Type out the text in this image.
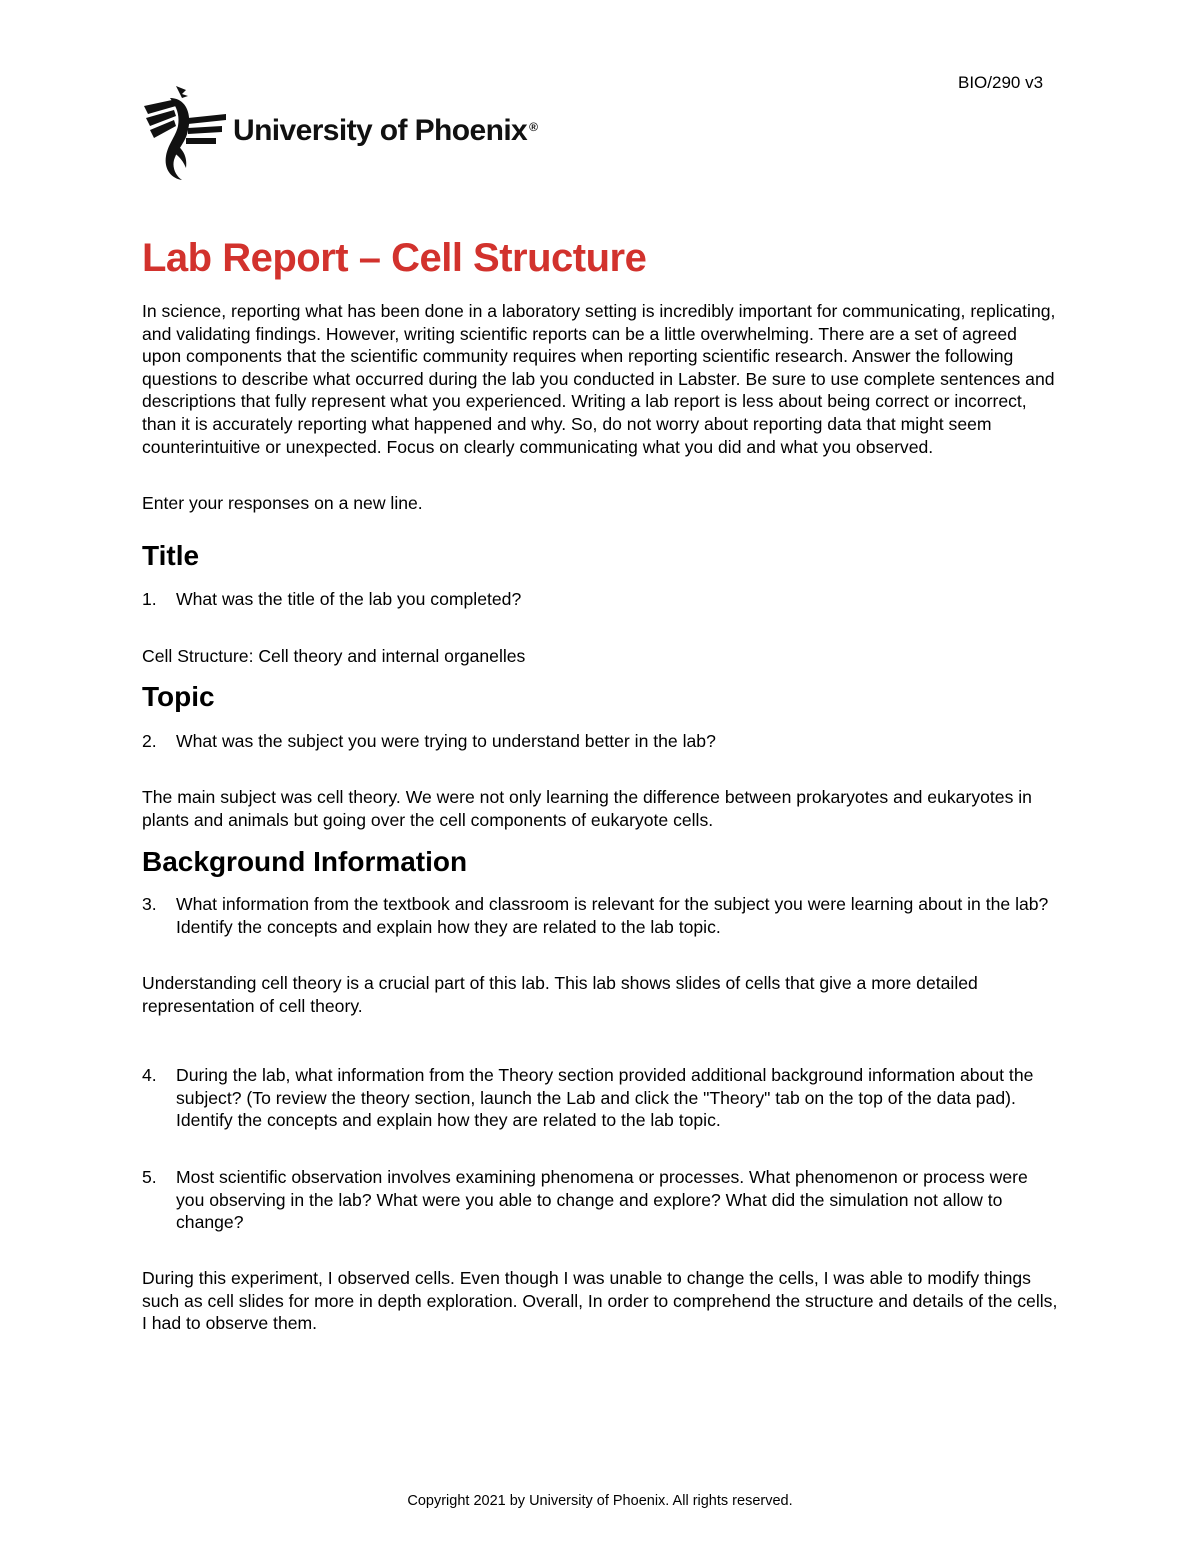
BIO/290 v3
University of Phoenix ®
Lab Report – Cell Structure

In science, reporting what has been done in a laboratory setting is incredibly important for communicating, replicating, and validating findings. However, writing scientific reports can be a little overwhelming. There are a set of agreed upon components that the scientific community requires when reporting scientific research. Answer the following questions to describe what occurred during the lab you conducted in Labster. Be sure to use complete sentences and descriptions that fully represent what you experienced. Writing a lab report is less about being correct or incorrect, than it is accurately reporting what happened and why. So, do not worry about reporting data that might seem counterintuitive or unexpected. Focus on clearly communicating what you did and what you observed.

Enter your responses on a new line.

Title
1. What was the title of the lab you completed?

Cell Structure: Cell theory and internal organelles

Topic
2. What was the subject you were trying to understand better in the lab?

The main subject was cell theory. We were not only learning the difference between prokaryotes and eukaryotes in plants and animals but going over the cell components of eukaryote cells.

Background Information
3. What information from the textbook and classroom is relevant for the subject you were learning about in the lab? Identify the concepts and explain how they are related to the lab topic.

Understanding cell theory is a crucial part of this lab. This lab shows slides of cells that give a more detailed representation of cell theory.

4. During the lab, what information from the Theory section provided additional background information about the subject? (To review the theory section, launch the Lab and click the "Theory" tab on the top of the data pad). Identify the concepts and explain how they are related to the lab topic.
5. Most scientific observation involves examining phenomena or processes. What phenomenon or process were you observing in the lab? What were you able to change and explore? What did the simulation not allow to change?

During this experiment, I observed cells. Even though I was unable to change the cells, I was able to modify things such as cell slides for more in depth exploration. Overall, In order to comprehend the structure and details of the cells, I had to observe them.

Copyright 2021 by University of Phoenix. All rights reserved.
